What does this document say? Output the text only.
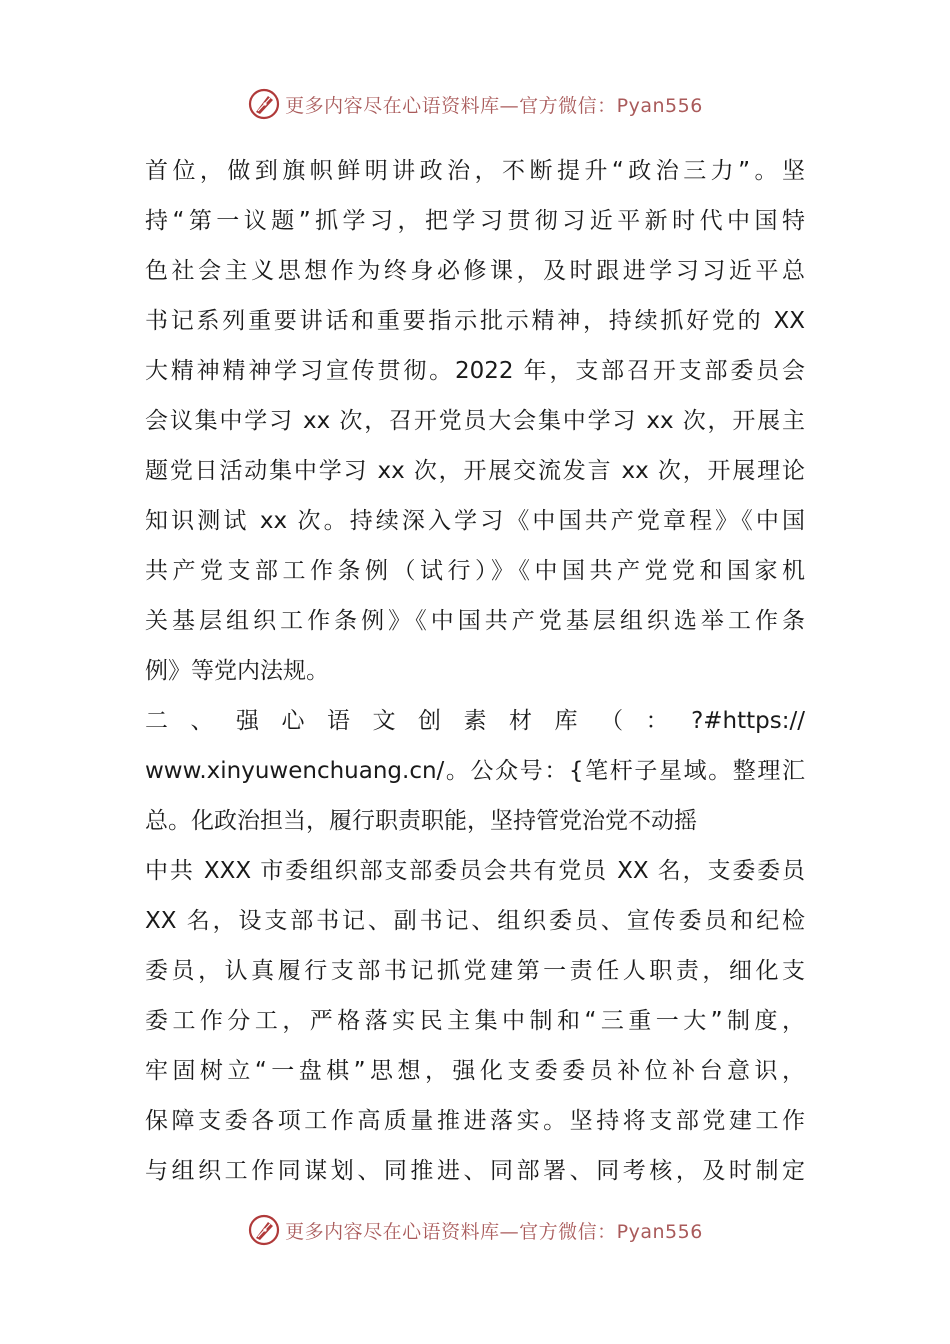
更多内容尽在心语资料库—官方微信：Pyan556
首位，做到旗帜鲜明讲政治，不断提升“政治三力”。坚
持“第一议题”抓学习，把学习贯彻习近平新时代中国特
色社会主义思想作为终身必修课，及时跟进学习习近平总
书记系列重要讲话和重要指示批示精神，持续抓好党的 XX
大精神精神学习宣传贯彻。2022 年，支部召开支部委员会
会议集中学习 xx 次，召开党员大会集中学习 xx 次，开展主
题党日活动集中学习 xx 次，开展交流发言 xx 次，开展理论
知识测试 xx 次。持续深入学习《中国共产党章程》《中国
共产党支部工作条例（试行）》《中国共产党党和国家机
关基层组织工作条例》《中国共产党基层组织选举工作条
例》等党内法规。
二 、 强 心 语 文 创 素 材 库 （ ： ?#https://
www.xinyuwenchuang.cn/。公众号：{笔杆子星域。整理汇
总。化政治担当，履行职责职能，坚持管党治党不动摇
中共 XXX 市委组织部支部委员会共有党员 XX 名，支委委员
XX 名，设支部书记、副书记、组织委员、宣传委员和纪检
委员，认真履行支部书记抓党建第一责任人职责，细化支
委工作分工，严格落实民主集中制和“三重一大”制度，
牢固树立“一盘棋”思想，强化支委委员补位补台意识，
保障支委各项工作高质量推进落实。坚持将支部党建工作
与组织工作同谋划、同推进、同部署、同考核，及时制定
更多内容尽在心语资料库—官方微信：Pyan556
